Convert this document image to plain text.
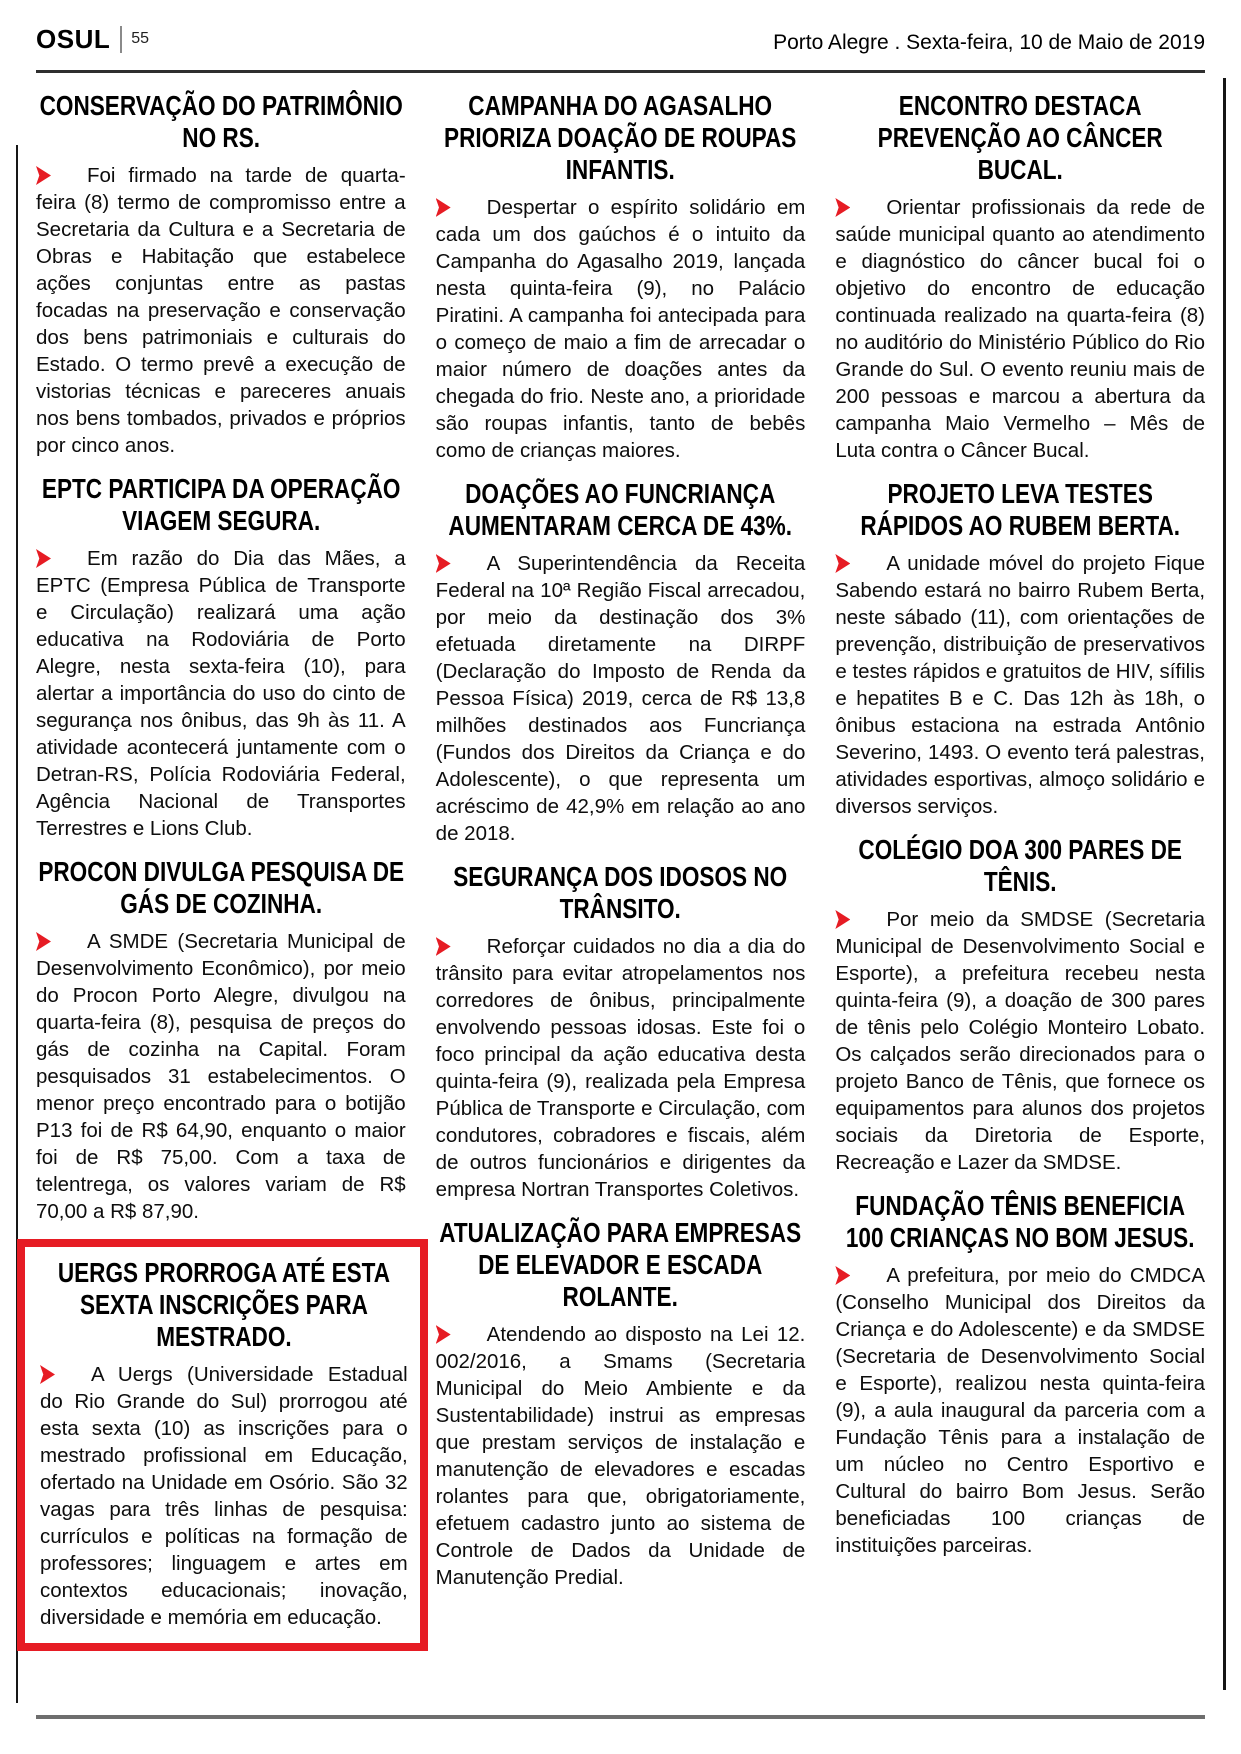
OSUL 55	Porto Alegre . Sexta-feira, 10 de Maio de 2019
CONSERVAÇÃO DO PATRIMÔNIO NO RS.

Foi firmado na tarde de quarta-feira (8) termo de compromisso entre a Secretaria da Cultura e a Secretaria de Obras e Habitação que estabelece ações conjuntas entre as pastas focadas na preservação e conservação dos bens patrimoniais e culturais do Estado. O termo prevê a execução de vistorias técnicas e pareceres anuais nos bens tombados, privados e próprios por cinco anos.

EPTC PARTICIPA DA OPERAÇÃO VIAGEM SEGURA.

Em razão do Dia das Mães, a EPTC (Empresa Pública de Transporte e Circulação) realizará uma ação educativa na Rodoviária de Porto Alegre, nesta sexta-feira (10), para alertar a importância do uso do cinto de segurança nos ônibus, das 9h às 11. A atividade acontecerá juntamente com o Detran-RS, Polícia Rodoviária Federal, Agência Nacional de Transportes Terrestres e Lions Club.

PROCON DIVULGA PESQUISA DE GÁS DE COZINHA.

A SMDE (Secretaria Municipal de Desenvolvimento Econômico), por meio do Procon Porto Alegre, divulgou na quarta-feira (8), pesquisa de preços do gás de cozinha na Capital. Foram pesquisados 31 estabelecimentos. O menor preço encontrado para o botijão P13 foi de R$ 64,90, enquanto o maior foi de R$ 75,00. Com a taxa de telentrega, os valores variam de R$ 70,00 a R$ 87,90.

UERGS PRORROGA ATÉ ESTA SEXTA INSCRIÇÕES PARA MESTRADO.

A Uergs (Universidade Estadual do Rio Grande do Sul) prorrogou até esta sexta (10) as inscrições para o mestrado profissional em Educação, ofertado na Unidade em Osório. São 32 vagas para três linhas de pesquisa: currículos e políticas na formação de professores; linguagem e artes em contextos educacionais; inovação, diversidade e memória em educação.

CAMPANHA DO AGASALHO PRIORIZA DOAÇÃO DE ROUPAS INFANTIS.

Despertar o espírito solidário em cada um dos gaúchos é o intuito da Campanha do Agasalho 2019, lançada nesta quinta-feira (9), no Palácio Piratini. A campanha foi antecipada para o começo de maio a fim de arrecadar o maior número de doações antes da chegada do frio. Neste ano, a prioridade são roupas infantis, tanto de bebês como de crianças maiores.

DOAÇÕES AO FUNCRIANÇA AUMENTARAM CERCA DE 43%.

A Superintendência da Receita Federal na 10ª Região Fiscal arrecadou, por meio da destinação dos 3% efetuada diretamente na DIRPF (Declaração do Imposto de Renda da Pessoa Física) 2019, cerca de R$ 13,8 milhões destinados aos Funcriança (Fundos dos Direitos da Criança e do Adolescente), o que representa um acréscimo de 42,9% em relação ao ano de 2018.

SEGURANÇA DOS IDOSOS NO TRÂNSITO.

Reforçar cuidados no dia a dia do trânsito para evitar atropelamentos nos corredores de ônibus, principalmente envolvendo pessoas idosas. Este foi o foco principal da ação educativa desta quinta-feira (9), realizada pela Empresa Pública de Transporte e Circulação, com condutores, cobradores e fiscais, além de outros funcionários e dirigentes da empresa Nortran Transportes Coletivos.

ATUALIZAÇÃO PARA EMPRESAS DE ELEVADOR E ESCADA ROLANTE.

Atendendo ao disposto na Lei 12. 002/2016, a Smams (Secretaria Municipal do Meio Ambiente e da Sustentabilidade) instrui as empresas que prestam serviços de instalação e manutenção de elevadores e escadas rolantes para que, obrigatoriamente, efetuem cadastro junto ao sistema de Controle de Dados da Unidade de Manutenção Predial.

ENCONTRO DESTACA PREVENÇÃO AO CÂNCER BUCAL.

Orientar profissionais da rede de saúde municipal quanto ao atendimento e diagnóstico do câncer bucal foi o objetivo do encontro de educação continuada realizado na quarta-feira (8) no auditório do Ministério Público do Rio Grande do Sul. O evento reuniu mais de 200 pessoas e marcou a abertura da campanha Maio Vermelho – Mês de Luta contra o Câncer Bucal.

PROJETO LEVA TESTES RÁPIDOS AO RUBEM BERTA.

A unidade móvel do projeto Fique Sabendo estará no bairro Rubem Berta, neste sábado (11), com orientações de prevenção, distribuição de preservativos e testes rápidos e gratuitos de HIV, sífilis e hepatites B e C. Das 12h às 18h, o ônibus estaciona na estrada Antônio Severino, 1493. O evento terá palestras, atividades esportivas, almoço solidário e diversos serviços.

COLÉGIO DOA 300 PARES DE TÊNIS.

Por meio da SMDSE (Secretaria Municipal de Desenvolvimento Social e Esporte), a prefeitura recebeu nesta quinta-feira (9), a doação de 300 pares de tênis pelo Colégio Monteiro Lobato. Os calçados serão direcionados para o projeto Banco de Tênis, que fornece os equipamentos para alunos dos projetos sociais da Diretoria de Esporte, Recreação e Lazer da SMDSE.

FUNDAÇÃO TÊNIS BENEFICIA 100 CRIANÇAS NO BOM JESUS.

A prefeitura, por meio do CMDCA (Conselho Municipal dos Direitos da Criança e do Adolescente) e da SMDSE (Secretaria de Desenvolvimento Social e Esporte), realizou nesta quinta-feira (9), a aula inaugural da parceria com a Fundação Tênis para a instalação de um núcleo no Centro Esportivo e Cultural do bairro Bom Jesus. Serão beneficiadas 100 crianças de instituições parceiras.
